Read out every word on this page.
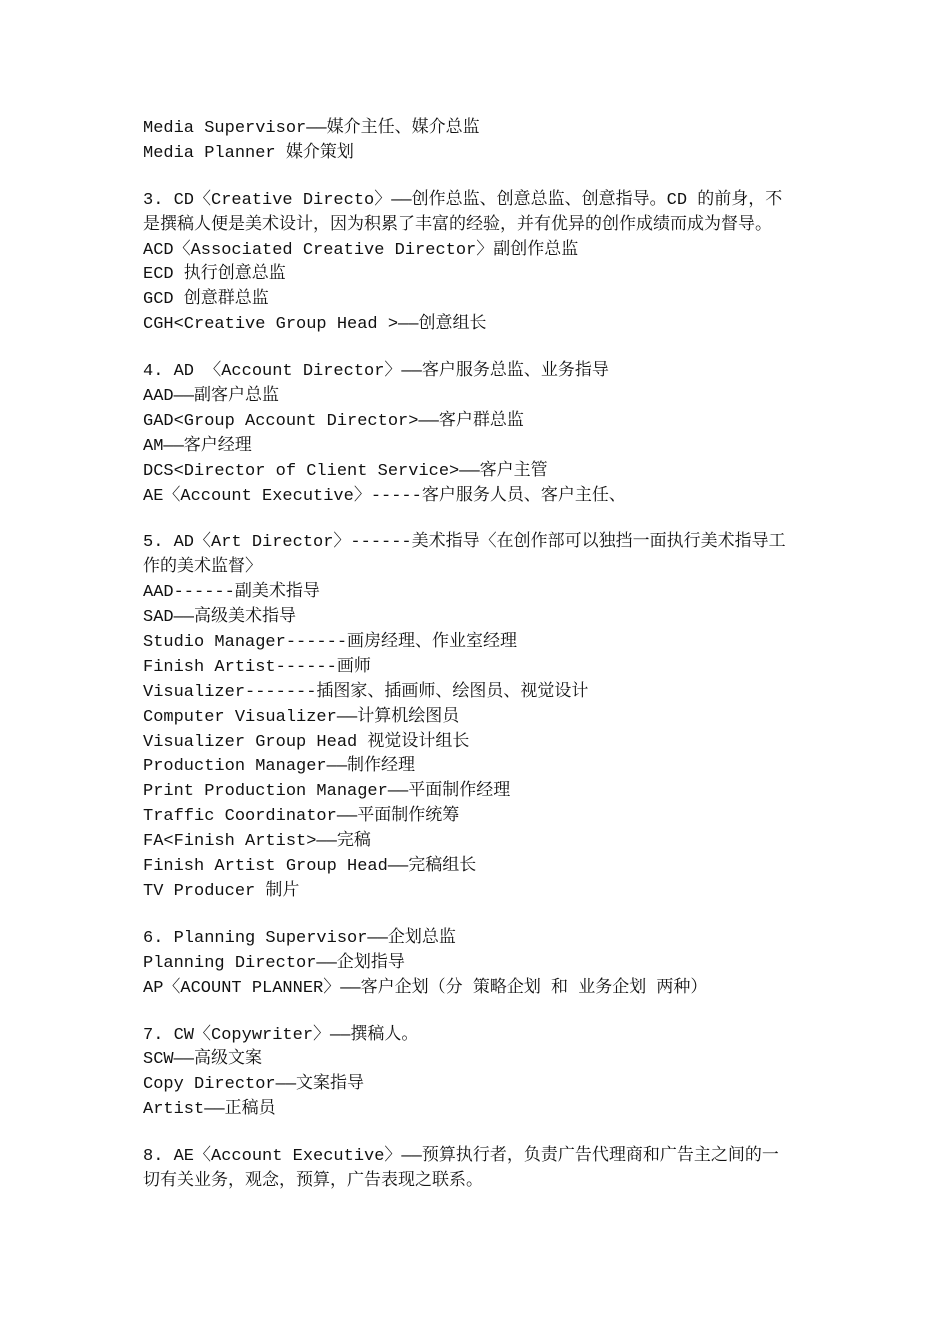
Media Supervisor——媒介主任、媒介总监
Media Planner 媒介策划
3. CD〈Creative Directo〉——创作总监、创意总监、创意指导。CD 的前身，不
是撰稿人便是美术设计，因为积累了丰富的经验，并有优异的创作成绩而成为督导。
ACD〈Associated Creative Director〉副创作总监
ECD 执行创意总监
GCD 创意群总监
CGH<Creative Group Head >——创意组长
4. AD 〈Account Director〉——客户服务总监、业务指导
AAD——副客户总监
GAD<Group Account Director>——客户群总监
AM——客户经理
DCS<Director of Client Service>——客户主管
AE〈Account Executive〉-----客户服务人员、客户主任、
5. AD〈Art Director〉------美术指导〈在创作部可以独挡一面执行美术指导工
作的美术监督〉
AAD------副美术指导
SAD——高级美术指导
Studio Manager------画房经理、作业室经理
Finish Artist------画师
Visualizer-------插图家、插画师、绘图员、视觉设计
Computer Visualizer——计算机绘图员
Visualizer Group Head 视觉设计组长
Production Manager——制作经理
Print Production Manager——平面制作经理
Traffic Coordinator——平面制作统筹
FA<Finish Artist>——完稿
Finish Artist Group Head——完稿组长
TV Producer 制片
6. Planning Supervisor——企划总监
Planning Director——企划指导
AP〈ACOUNT PLANNER〉——客户企划（分 策略企划 和 业务企划 两种）
7. CW〈Copywriter〉——撰稿人。
SCW——高级文案
Copy Director——文案指导
Artist——正稿员
8. AE〈Account Executive〉——预算执行者，负责广告代理商和广告主之间的一
切有关业务，观念，预算，广告表现之联系。
